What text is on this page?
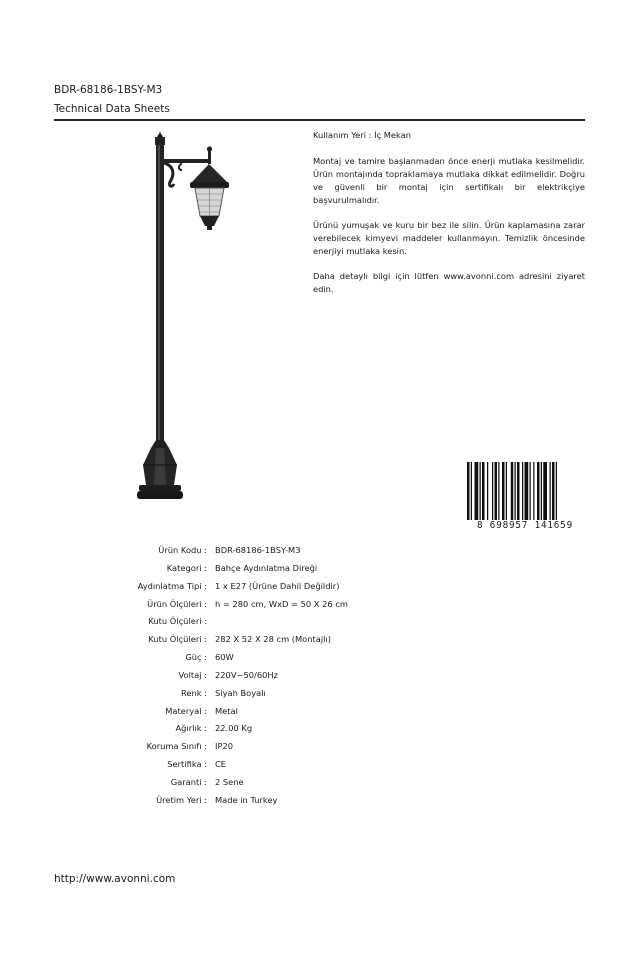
BDR-68186-1BSY-M3
Technical Data Sheets

Kullanım Yeri : İç Mekan

Montaj ve tamire başlanmadan önce enerji mutlaka kesilmelidir. Ürün montajında topraklamaya mutlaka dikkat edilmelidir. Doğru ve güvenli bir montaj için sertifikalı bir elektrikçiye başvurulmalıdır.

Ürünü yumuşak ve kuru bir bez ile silin. Ürün kaplamasına zarar verebilecek kimyevi maddeler kullanmayın. Temizlik öncesinde enerjiyi mutlaka kesin.

Daha detaylı bilgi için lütfen www.avonni.com adresini ziyaret edin.

8 698957 141659
Ürün Kodu : BDR-68186-1BSY-M3
Kategori : Bahçe Aydınlatma Direği
Aydınlatma Tipi : 1 x E27 (Ürüne Dahil Değildir)
Ürün Ölçüleri : h = 280 cm, WxD = 50 X 26 cm
Kutu Ölçüleri :
Kutu Ölçüleri : 282 X 52 X 28 cm (Montajlı)
Güç : 60W
Voltaj : 220V~50/60Hz
Renk : Siyah Boyalı
Materyal : Metal
Ağırlık : 22.00 Kg
Koruma Sınıfı : IP20
Sertifika : CE
Garanti : 2 Sene
Üretim Yeri : Made in Turkey
http://www.avonni.com
